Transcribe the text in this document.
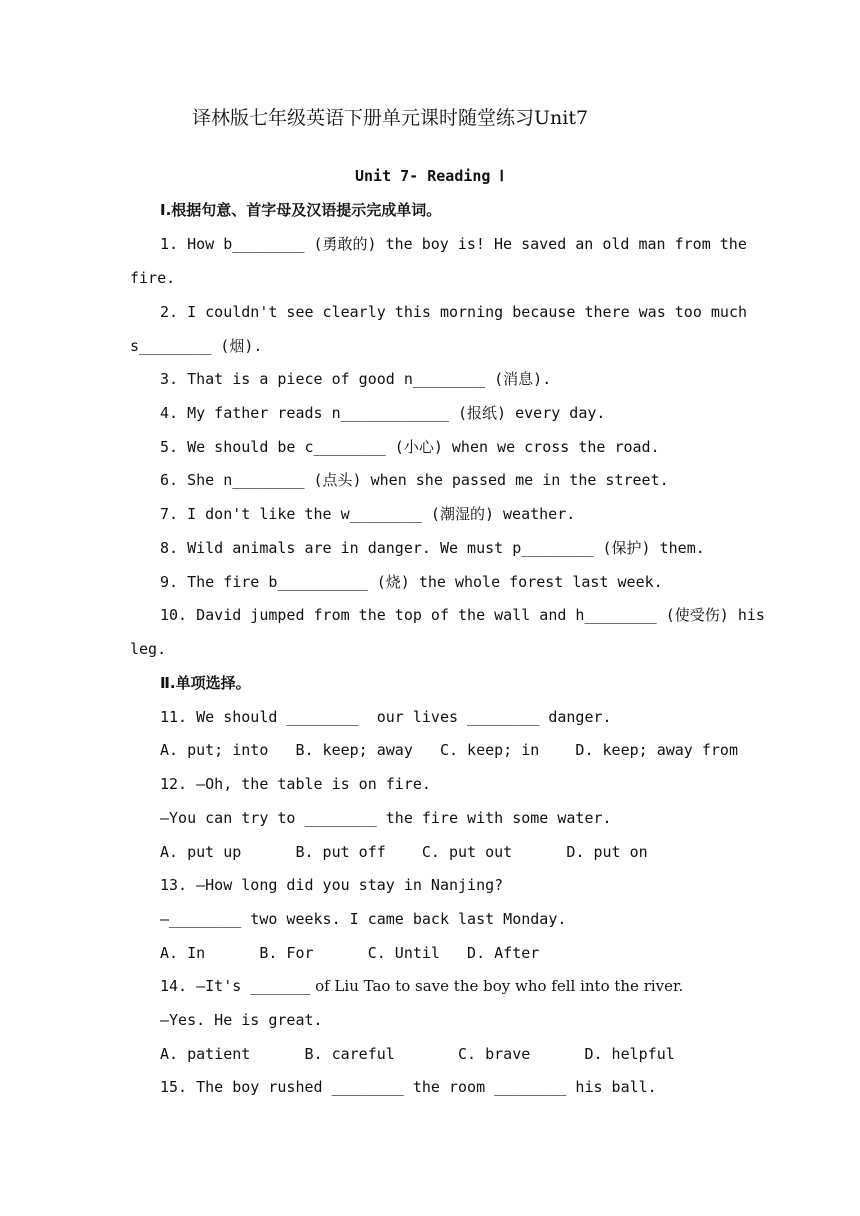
译林版七年级英语下册单元课时随堂练习Unit7
Unit 7- Reading Ⅰ
Ⅰ.根据句意、首字母及汉语提示完成单词。
1. How b________ (勇敢的) the boy is! He saved an old man from the
fire.
2. I couldn't see clearly this morning because there was too much
s________ (烟).
3. That is a piece of good n________ (消息).
4. My father reads n____________ (报纸) every day.
5. We should be c________ (小心) when we cross the road.
6. She n________ (点头) when she passed me in the street.
7. I don't like the w________ (潮湿的) weather.
8. Wild animals are in danger. We must p________ (保护) them.
9. The fire b__________ (烧) the whole forest last week.
10. David jumped from the top of the wall and h________ (使受伤) his
leg.
Ⅱ.单项选择。
11. We should ________  our lives ________ danger.
A. put; into   B. keep; away   C. keep; in    D. keep; away from
12. —Oh, the table is on fire.
—You can try to ________ the fire with some water.
A. put up      B. put off    C. put out      D. put on
13. —How long did you stay in Nanjing?
—________ two weeks. I came back last Monday.
A. In      B. For      C. Until   D. After
14. —It's ________ of Liu Tao to save the boy who fell into the river.
—Yes. He is great.
A. patient      B. careful       C. brave      D. helpful
15. The boy rushed ________ the room ________ his ball.
